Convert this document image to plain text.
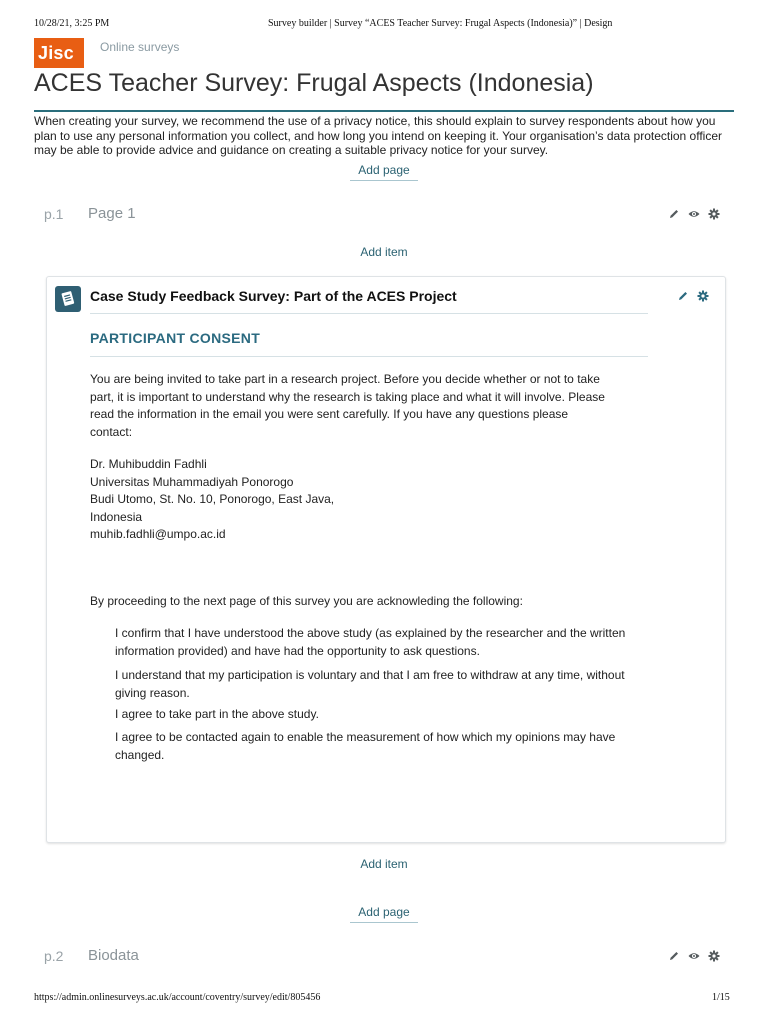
10/28/21, 3:25 PM	Survey builder | Survey “ACES Teacher Survey: Frugal Aspects (Indonesia)” | Design
Jisc	Online surveys
ACES Teacher Survey: Frugal Aspects (Indonesia)
When creating your survey, we recommend the use of a privacy notice, this should explain to survey respondents about how you plan to use any personal information you collect, and how long you intend on keeping it. Your organisation’s data protection officer may be able to provide advice and guidance on creating a suitable privacy notice for your survey.
Add page
p.1 Page 1
Add item
Case Study Feedback Survey: Part of the ACES Project
PARTICIPANT CONSENT
You are being invited to take part in a research project. Before you decide whether or not to take part, it is important to understand why the research is taking place and what it will involve. Please read the information in the email you were sent carefully. If you have any questions please contact:
Dr. Muhibuddin Fadhli
Universitas Muhammadiyah Ponorogo
Budi Utomo, St. No. 10, Ponorogo, East Java,
Indonesia
muhib.fadhli@umpo.ac.id
By proceeding to the next page of this survey you are acknowleding the following:
I confirm that I have understood the above study (as explained by the researcher and the written information provided) and have had the opportunity to ask questions.
I understand that my participation is voluntary and that I am free to withdraw at any time, without giving reason.
I agree to take part in the above study.
I agree to be contacted again to enable the measurement of how which my opinions may have changed.
Add item
Add page
p.2 Biodata
https://admin.onlinesurveys.ac.uk/account/coventry/survey/edit/805456	1/15
